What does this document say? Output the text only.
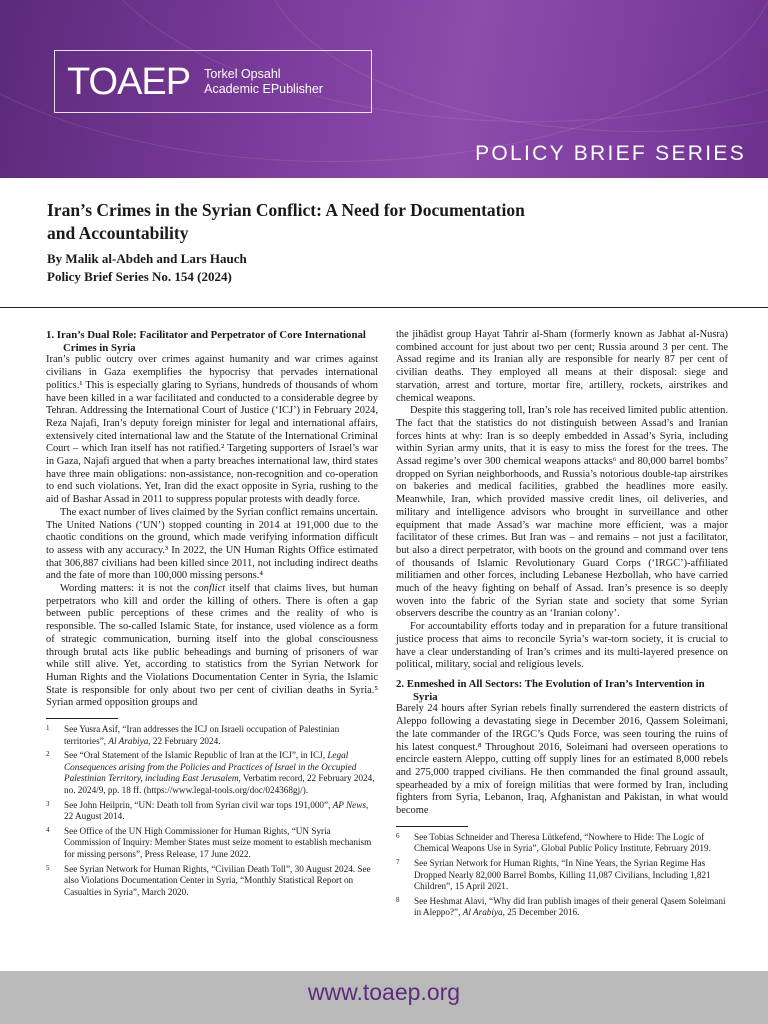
TOAEP Torkel Opsahl
Academic EPublisher
POLICY BRIEF SERIES
Iran’s Crimes in the Syrian Conflict: A Need for Documentation
and Accountability

By Malik al-Abdeh and Lars Hauch

Policy Brief Series No. 154 (2024)

1. Iran’s Dual Role: Facilitator and Perpetrator of Core International Crimes in Syria

Iran’s public outcry over crimes against humanity and war crimes against civilians in Gaza exemplifies the hypocrisy that pervades international politics.¹ This is especially glaring to Syrians, hundreds of thousands of whom have been killed in a war facilitated and conducted to a considerable degree by Tehran. Addressing the International Court of Justice (‘ICJ’) in February 2024, Reza Najafi, Iran’s deputy foreign minister for legal and international affairs, extensively cited international law and the Statute of the International Criminal Court – which Iran itself has not ratified.² Targeting supporters of Israel’s war in Gaza, Najafi argued that when a party breaches international law, third states have three main obligations: non-assistance, non-recognition and co-operation to end such violations. Yet, Iran did the exact opposite in Syria, rushing to the aid of Bashar Assad in 2011 to suppress popular protests with deadly force.

The exact number of lives claimed by the Syrian conflict remains uncertain. The United Nations (‘UN’) stopped counting in 2014 at 191,000 due to the chaotic conditions on the ground, which made verifying information difficult to assess with any accuracy.³ In 2022, the UN Human Rights Office estimated that 306,887 civilians had been killed since 2011, not including indirect deaths and the fate of more than 100,000 missing persons.⁴

Wording matters: it is not the conflict itself that claims lives, but human perpetrators who kill and order the killing of others. There is often a gap between public perceptions of these crimes and the reality of who is responsible. The so-called Islamic State, for instance, used violence as a form of strategic communication, burning itself into the global consciousness through brutal acts like public beheadings and burning of prisoners of war while still alive. Yet, according to statistics from the Syrian Network for Human Rights and the Violations Documentation Center in Syria, the Islamic State is responsible for only about two per cent of civilian deaths in Syria.⁵ Syrian armed opposition groups and

1 See Yusra Asif, “Iran addresses the ICJ on Israeli occupation of Palestinian territories”, Al Arabiya, 22 February 2024.
2 See “Oral Statement of the Islamic Republic of Iran at the ICJ”, in ICJ, Legal Consequences arising from the Policies and Practices of Israel in the Occupied Palestinian Territory, including East Jerusalem, Verbatim record, 22 February 2024, no. 2024/9, pp. 18 ff. (https://www.legal-tools.org/doc/024368gj/).
3 See John Heilprin, “UN: Death toll from Syrian civil war tops 191,000”, AP News, 22 August 2014.
4 See Office of the UN High Commissioner for Human Rights, “UN Syria Commission of Inquiry: Member States must seize moment to establish mechanism for missing persons”, Press Release, 17 June 2022.
5 See Syrian Network for Human Rights, “Civilian Death Toll”, 30 August 2024. See also Violations Documentation Center in Syria, “Monthly Statistical Report on Casualties in Syria”, March 2020.

the jihādist group Hayat Tahrir al-Sham (formerly known as Jabhat al-Nusra) combined account for just about two per cent; Russia around 3 per cent. The Assad regime and its Iranian ally are responsible for nearly 87 per cent of civilian deaths. They employed all means at their disposal: siege and starvation, arrest and torture, mortar fire, artillery, rockets, airstrikes and chemical weapons.

Despite this staggering toll, Iran’s role has received limited public attention. The fact that the statistics do not distinguish between Assad’s and Iranian forces hints at why: Iran is so deeply embedded in Assad’s Syria, including within Syrian army units, that it is easy to miss the forest for the trees. The Assad regime’s over 300 chemical weapons attacks⁶ and 80,000 barrel bombs⁷ dropped on Syrian neighborhoods, and Russia’s notorious double-tap airstrikes on bakeries and medical facilities, grabbed the headlines more easily. Meanwhile, Iran, which provided massive credit lines, oil deliveries, and military and intelligence advisors who brought in surveillance and other equipment that made Assad’s war machine more efficient, was a major facilitator of these crimes. But Iran was – and remains – not just a facilitator, but also a direct perpetrator, with boots on the ground and command over tens of thousands of Islamic Revolutionary Guard Corps (‘IRGC’)-affiliated militiamen and other forces, including Lebanese Hezbollah, who have carried much of the heavy fighting on behalf of Assad. Iran’s presence is so deeply woven into the fabric of the Syrian state and society that some Syrian observers describe the country as an ‘Iranian colony’.

For accountability efforts today and in preparation for a future transitional justice process that aims to reconcile Syria’s war-torn society, it is crucial to have a clear understanding of Iran’s crimes and its multi-layered presence on political, military, social and religious levels.

2. Enmeshed in All Sectors: The Evolution of Iran’s Intervention in Syria

Barely 24 hours after Syrian rebels finally surrendered the eastern districts of Aleppo following a devastating siege in December 2016, Qassem Soleimani, the late commander of the IRGC’s Quds Force, was seen touring the ruins of his latest conquest.⁸ Throughout 2016, Soleimani had overseen operations to encircle eastern Aleppo, cutting off supply lines for an estimated 8,000 rebels and 275,000 trapped civilians. He then commanded the final ground assault, spearheaded by a mix of foreign militias that were formed by Iran, including fighters from Syria, Lebanon, Iraq, Afghanistan and Pakistan, in what would become

6 See Tobias Schneider and Theresa Lütkefend, “Nowhere to Hide: The Logic of Chemical Weapons Use in Syria”, Global Public Policy Institute, February 2019.
7 See Syrian Network for Human Rights, “In Nine Years, the Syrian Regime Has Dropped Nearly 82,000 Barrel Bombs, Killing 11,087 Civilians, Including 1,821 Children”, 15 April 2021.
8 See Heshmat Alavi, “Why did Iran publish images of their general Qasem Soleimani in Aleppo?”, Al Arabiya, 25 December 2016.
www.toaep.org
